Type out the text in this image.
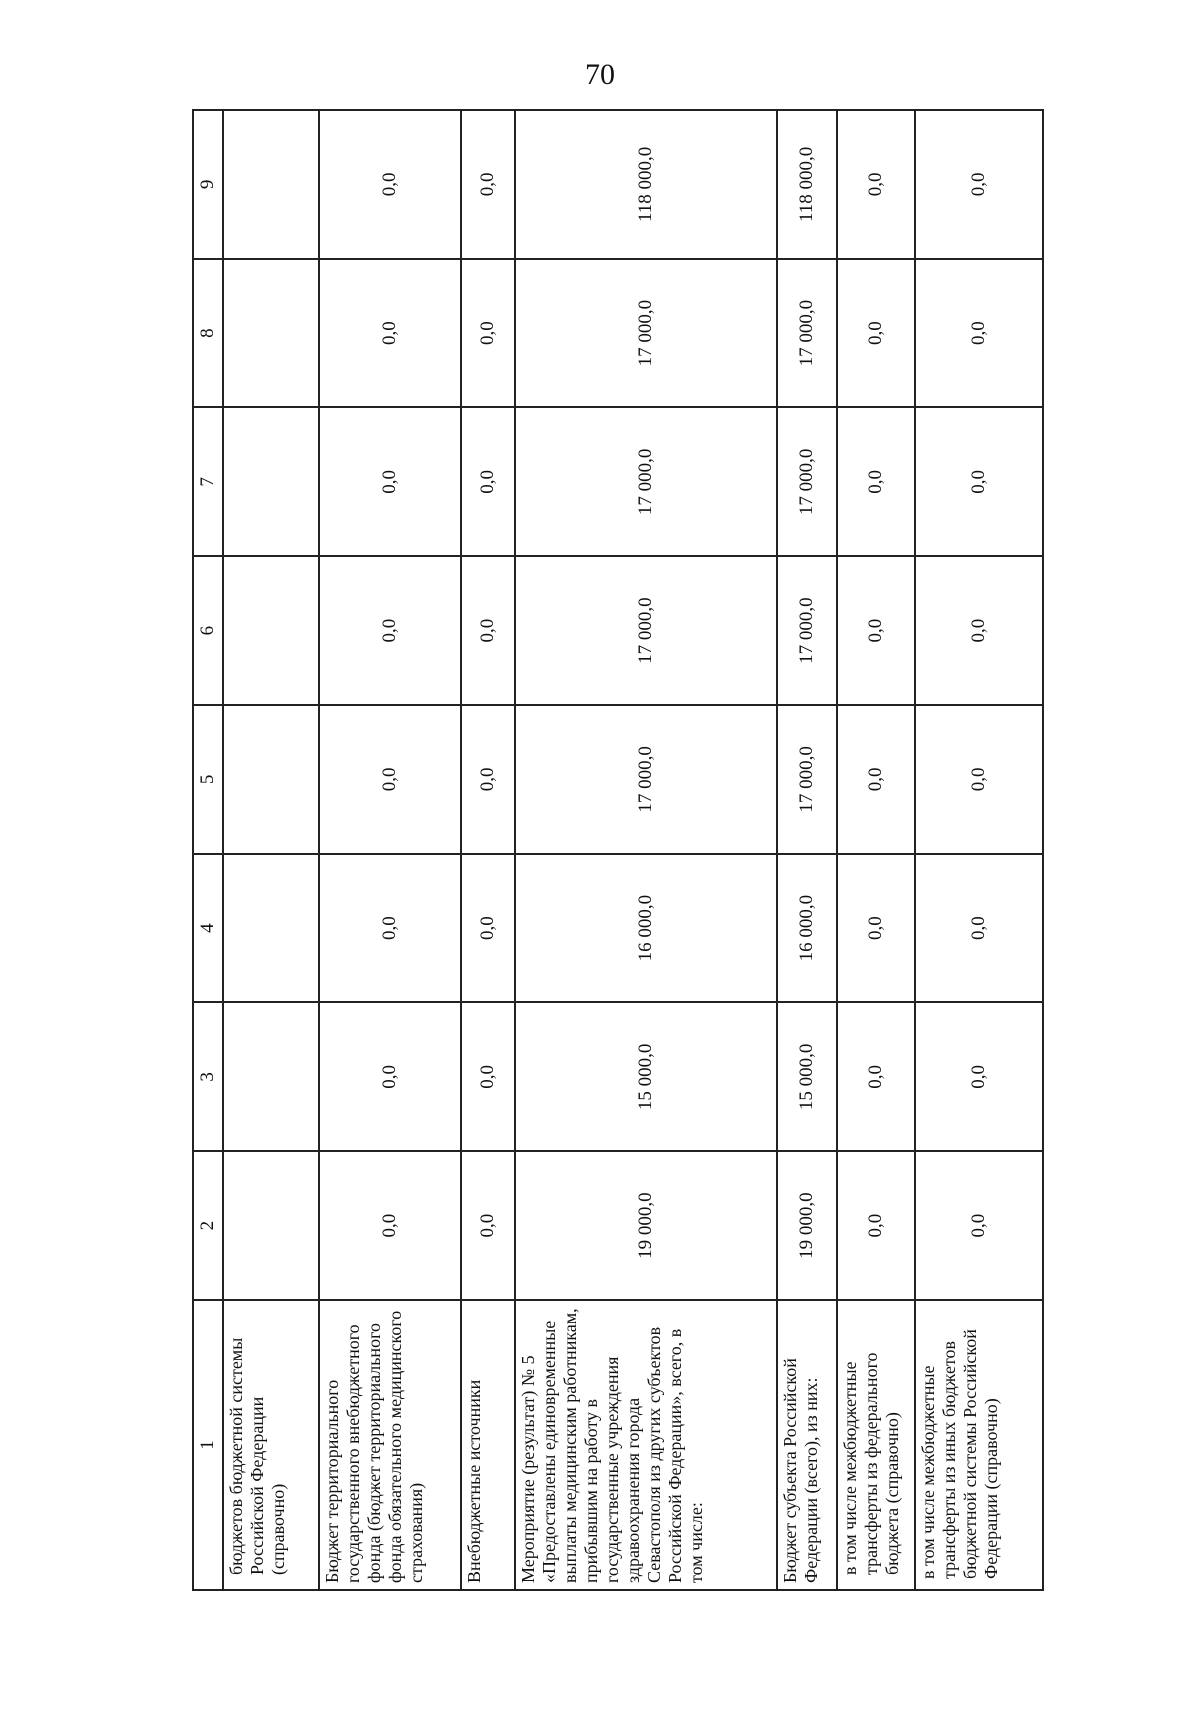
70
1	2	3	4	5	6	7	8	9
бюджетов бюджетной системы Российской Федерации (справочно)								
Бюджет территориального государственного внебюджетного фонда (бюджет территориального фонда обязательного медицинского страхования)	0,0	0,0	0,0	0,0	0,0	0,0	0,0	0,0
Внебюджетные источники	0,0	0,0	0,0	0,0	0,0	0,0	0,0	0,0
Мероприятие (результат) № 5 «Предоставлены единовременные выплаты медицинским работникам, прибывшим на работу в государственные учреждения здравоохранения города Севастополя из других субъектов Российской Федерации», всего, в том числе:	19 000,0	15 000,0	16 000,0	17 000,0	17 000,0	17 000,0	17 000,0	118 000,0
Бюджет субъекта Российской Федерации (всего), из них:	19 000,0	15 000,0	16 000,0	17 000,0	17 000,0	17 000,0	17 000,0	118 000,0
в том числе межбюджетные трансферты из федерального бюджета (справочно)	0,0	0,0	0,0	0,0	0,0	0,0	0,0	0,0
в том числе межбюджетные трансферты из иных бюджетов бюджетной системы Российской Федерации (справочно)	0,0	0,0	0,0	0,0	0,0	0,0	0,0	0,0
